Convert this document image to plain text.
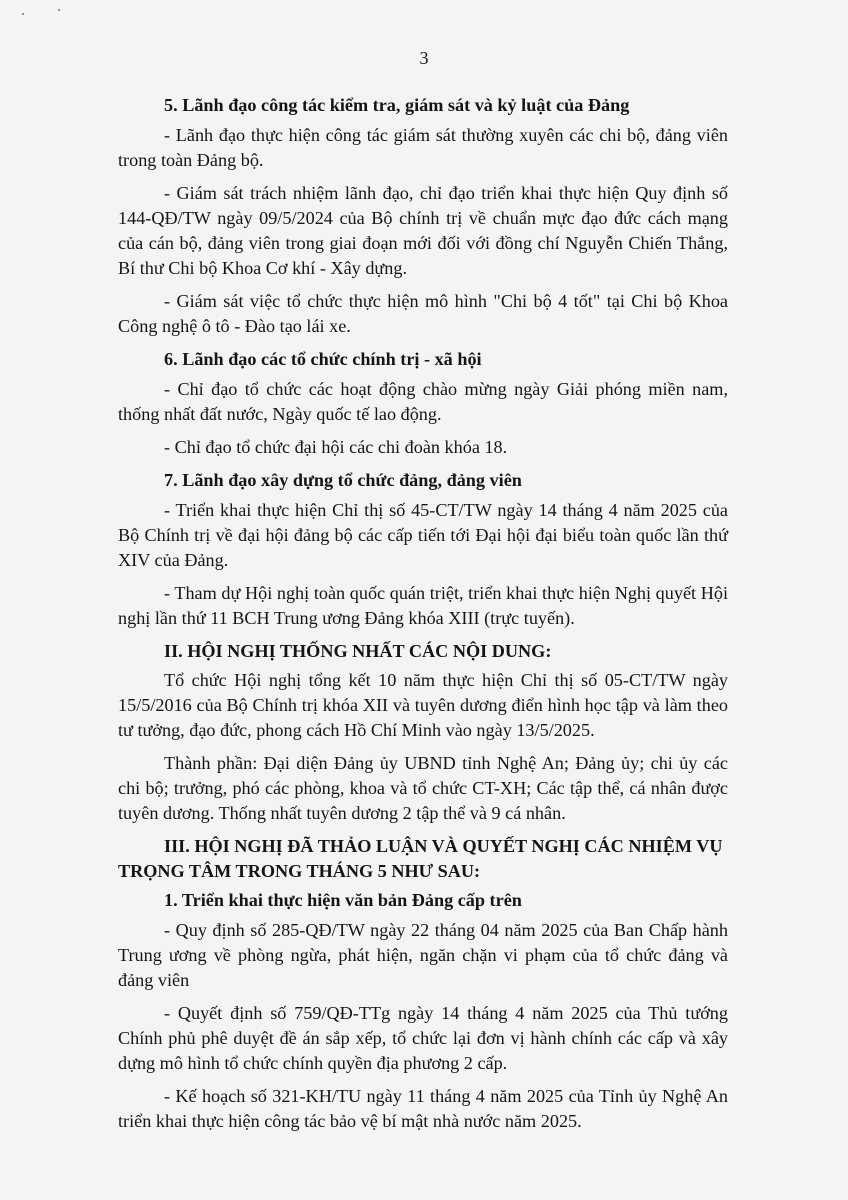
3
5. Lãnh đạo công tác kiểm tra, giám sát và kỷ luật của Đảng

- Lãnh đạo thực hiện công tác giám sát thường xuyên các chi bộ, đảng viên trong toàn Đảng bộ.

- Giám sát trách nhiệm lãnh đạo, chỉ đạo triển khai thực hiện Quy định số 144-QĐ/TW ngày 09/5/2024 của Bộ chính trị về chuẩn mực đạo đức cách mạng của cán bộ, đảng viên trong giai đoạn mới đối với đồng chí Nguyễn Chiến Thắng, Bí thư Chi bộ Khoa Cơ khí - Xây dựng.

- Giám sát việc tổ chức thực hiện mô hình "Chi bộ 4 tốt" tại Chi bộ Khoa Công nghệ ô tô - Đào tạo lái xe.

6. Lãnh đạo các tổ chức chính trị - xã hội

- Chỉ đạo tổ chức các hoạt động chào mừng ngày Giải phóng miền nam, thống nhất đất nước, Ngày quốc tế lao động.

- Chỉ đạo tổ chức đại hội các chi đoàn khóa 18.

7. Lãnh đạo xây dựng tổ chức đảng, đảng viên

- Triển khai thực hiện Chỉ thị số 45-CT/TW ngày 14 tháng 4 năm 2025 của Bộ Chính trị về đại hội đảng bộ các cấp tiến tới Đại hội đại biểu toàn quốc lần thứ XIV của Đảng.

- Tham dự Hội nghị toàn quốc quán triệt, triển khai thực hiện Nghị quyết Hội nghị lần thứ 11 BCH Trung ương Đảng khóa XIII (trực tuyến).

II. HỘI NGHỊ THỐNG NHẤT CÁC NỘI DUNG:

Tổ chức Hội nghị tổng kết 10 năm thực hiện Chỉ thị số 05-CT/TW ngày 15/5/2016 của Bộ Chính trị khóa XII và tuyên dương điển hình học tập và làm theo tư tưởng, đạo đức, phong cách Hồ Chí Minh vào ngày 13/5/2025.

Thành phần: Đại diện Đảng ủy UBND tỉnh Nghệ An; Đảng ủy; chi ủy các chi bộ; trưởng, phó các phòng, khoa và tổ chức CT-XH; Các tập thể, cá nhân được tuyên dương. Thống nhất tuyên dương 2 tập thể và 9 cá nhân.

III. HỘI NGHỊ ĐÃ THẢO LUẬN VÀ QUYẾT NGHỊ CÁC NHIỆM VỤ TRỌNG TÂM TRONG THÁNG 5 NHƯ SAU:
1. Triển khai thực hiện văn bản Đảng cấp trên

- Quy định số 285-QĐ/TW ngày 22 tháng 04 năm 2025 của Ban Chấp hành Trung ương về phòng ngừa, phát hiện, ngăn chặn vi phạm của tổ chức đảng và đảng viên

- Quyết định số 759/QĐ-TTg ngày 14 tháng 4 năm 2025 của Thủ tướng Chính phủ phê duyệt đề án sắp xếp, tổ chức lại đơn vị hành chính các cấp và xây dựng mô hình tổ chức chính quyền địa phương 2 cấp.

- Kế hoạch số 321-KH/TU ngày 11 tháng 4 năm 2025 của Tỉnh ủy Nghệ An triển khai thực hiện công tác bảo vệ bí mật nhà nước năm 2025.
